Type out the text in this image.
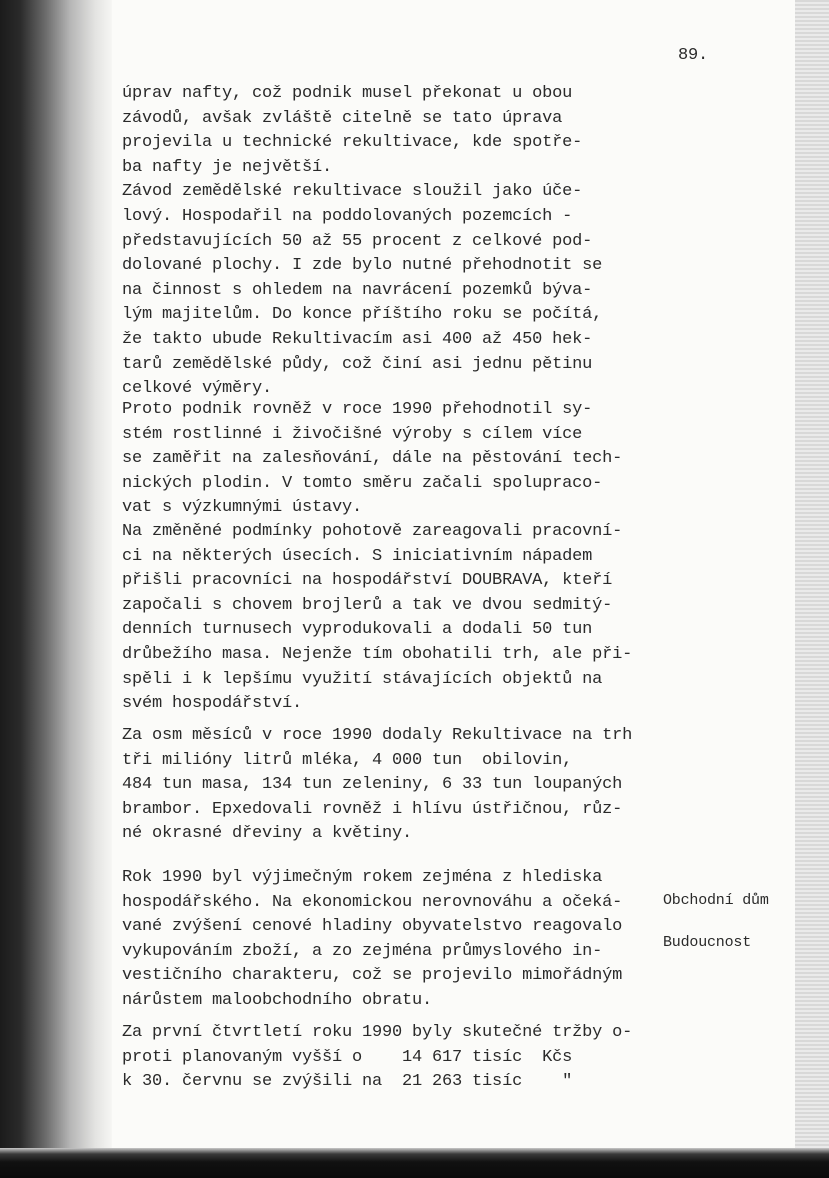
89.
úprav nafty, což podnik musel překonat u obou
závodů, avšak zvláště citelně se tato úprava
projevila u technické rekultivace, kde spotře-
ba nafty je největší.
Závod zemědělské rekultivace sloužil jako úče-
lový. Hospodařil na poddolovaných pozemcích -
představujících 50 až 55 procent z celkové pod-
dolované plochy. I zde bylo nutné přehodnotit se
na činnost s ohledem na navrácení pozemků býva-
lým majitelům. Do konce příštího roku se počítá,
že takto ubude Rekultivacím asi 400 až 450 hek-
tarů zemědělské půdy, což činí asi jednu pětinu
celkové výměry.
Proto podnik rovněž v roce 1990 přehodnotil sy-
stém rostlinné i živočišné výroby s cílem více
se zaměřit na zalesňování, dále na pěstování tech-
nických plodin. V tomto směru začali spolupraco-
vat s výzkumnými ústavy.
Na změněné podmínky pohotově zareagovali pracovní-
ci na některých úsecích. S iniciativním nápadem
přišli pracovníci na hospodářství DOUBRAVA, kteří
započali s chovem brojlerů a tak ve dvou sedmitý-
denních turnusech vyprodukovali a dodali 50 tun
drůbežího masa. Nejenže tím obohatili trh, ale při-
spěli i k lepšímu využití stávajících objektů na
svém hospodářství.
Za osm měsíců v roce 1990 dodaly Rekultivace na trh
tři milióny litrů mléka, 4 000 tun  obilovin,
484 tun masa, 134 tun zeleniny, 6 33 tun loupaných
brambor. Epxedovali rovněž i hlívu ústřičnou, růz-
né okrasné dřeviny a květiny.
Rok 1990 byl výjimečným rokem zejména z hlediska
hospodářského. Na ekonomickou nerovnováhu a očeká-
vané zvýšení cenové hladiny obyvatelstvo reagovalo
vykupováním zboží, a zo zejména průmyslového in-
vestičního charakteru, což se projevilo mimořádným
nárůstem maloobchodního obratu.
Za první čtvrtletí roku 1990 byly skutečné tržby o-
proti planovaným vyšší o    14 617 tisíc  Kčs
k 30. červnu se zvýšili na  21 263 tisíc    "

Obchodní dům

Budoucnost
